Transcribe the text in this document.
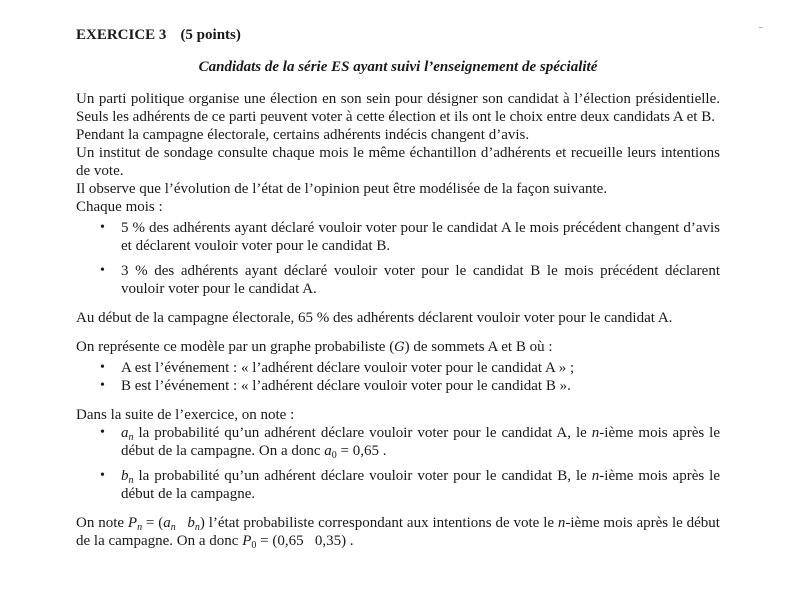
EXERCICE 3 (5 points)
Candidats de la série ES ayant suivi l’enseignement de spécialité

Un parti politique organise une élection en son sein pour désigner son candidat à l’élection présidentielle. Seuls les adhérents de ce parti peuvent voter à cette élection et ils ont le choix entre deux candidats A et B.

Pendant la campagne électorale, certains adhérents indécis changent d’avis.

Un institut de sondage consulte chaque mois le même échantillon d’adhérents et recueille leurs intentions de vote.

Il observe que l’évolution de l’état de l’opinion peut être modélisée de la façon suivante.

Chaque mois :

• 5 % des adhérents ayant déclaré vouloir voter pour le candidat A le mois précédent changent d’avis et déclarent vouloir voter pour le candidat B.
• 3 % des adhérents ayant déclaré vouloir voter pour le candidat B le mois précédent déclarent vouloir voter pour le candidat A.

Au début de la campagne électorale, 65 % des adhérents déclarent vouloir voter pour le candidat A.

On représente ce modèle par un graphe probabiliste (G) de sommets A et B où :

• A est l’événement : « l’adhérent déclare vouloir voter pour le candidat A » ;
• B est l’événement : « l’adhérent déclare vouloir voter pour le candidat B ».

Dans la suite de l’exercice, on note :

• $a_n$ la probabilité qu’un adhérent déclare vouloir voter pour le candidat A, le n-ième mois après le début de la campagne. On a donc $a_0 = 0,65$ .
• $b_n$ la probabilité qu’un adhérent déclare vouloir voter pour le candidat B, le n-ième mois après le début de la campagne.

On note $P_n = (a_n$ $b_n$) l’état probabiliste correspondant aux intentions de vote le n-ième mois après le début de la campagne. On a donc $P_0 = (0,65$   0,35) .
